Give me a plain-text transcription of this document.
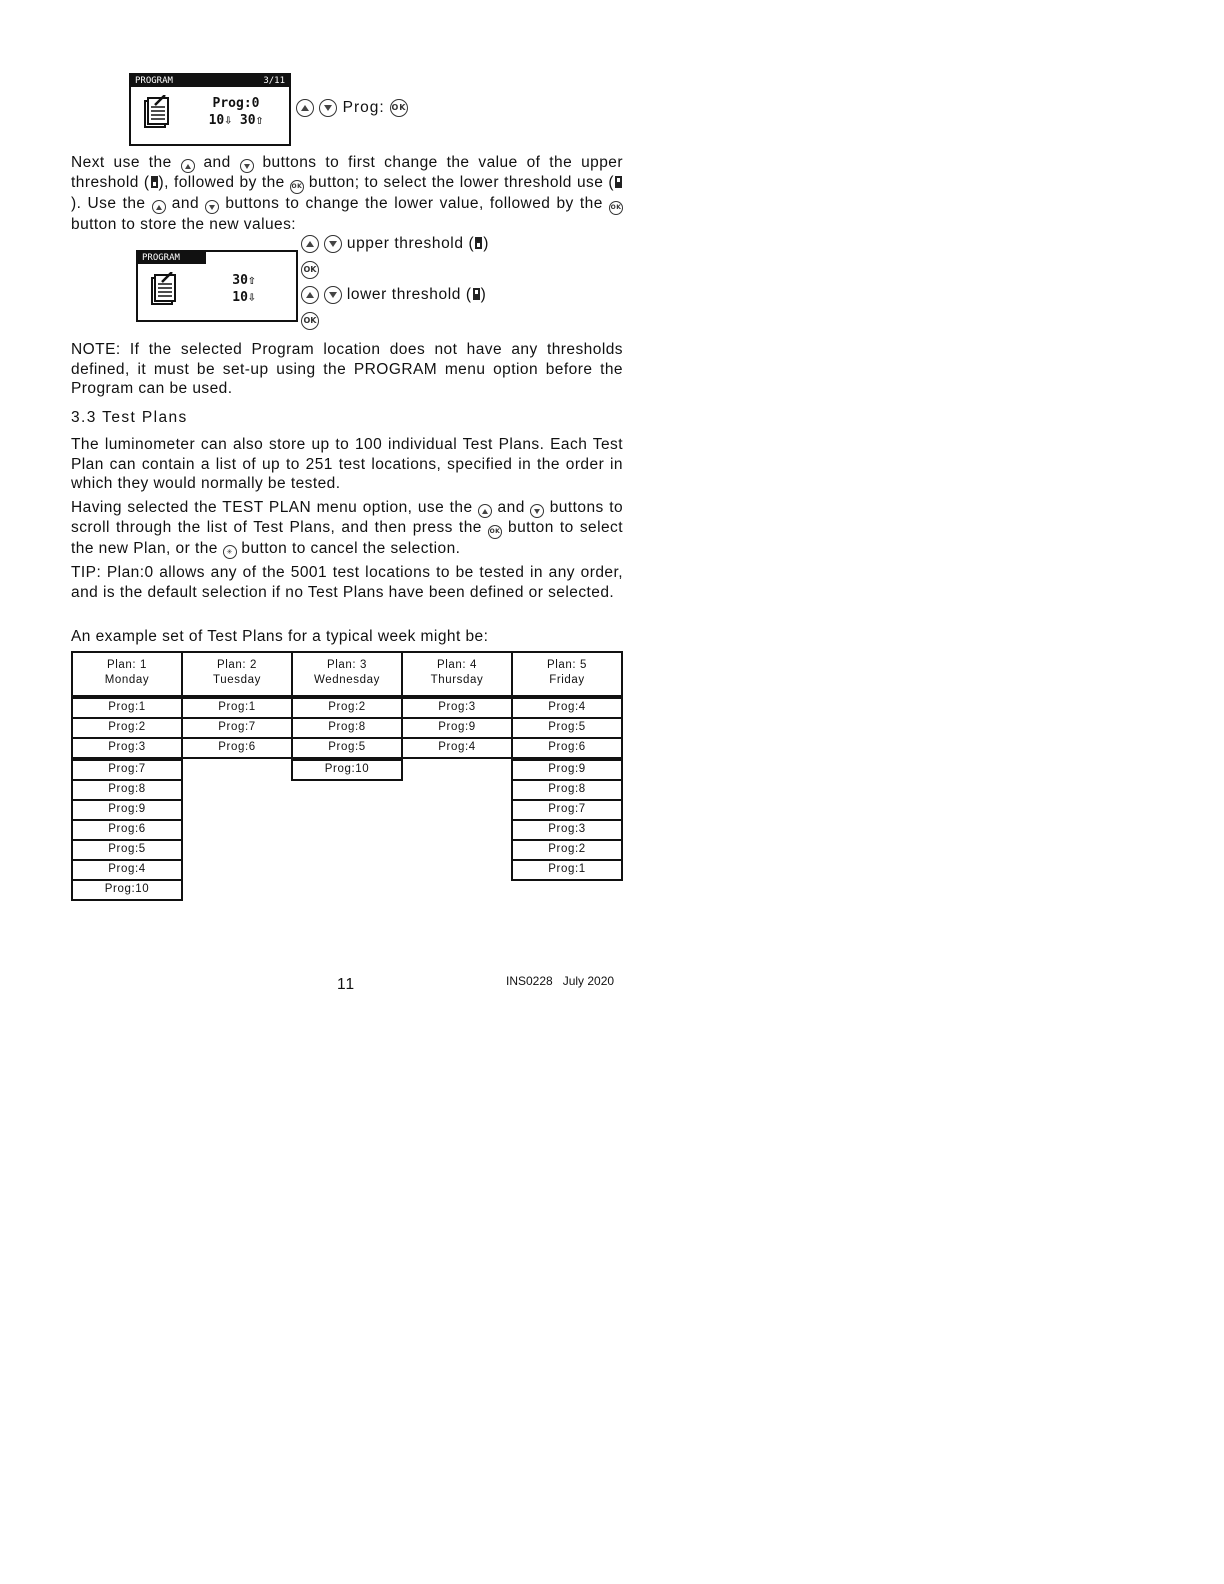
PROGRAM	3/11
Prog:0
10⇩ 30⇧
Prog: OK

Next use the and buttons to first change the value of the upper threshold ( ), followed by the OK button; to select the lower threshold use (). Use the and buttons to change the lower value, followed by the OK button to store the new values:

PROGRAM
30⇧
10⇩
upper threshold ( )
OK
lower threshold ( )
OK

NOTE: If the selected Program location does not have any thresholds defined, it must be set-up using the PROGRAM menu option before the Program can be used.

3.3 Test Plans

The luminometer can also store up to 100 individual Test Plans. Each Test Plan can contain a list of up to 251 test locations, specified in the order in which they would normally be tested.

Having selected the TEST PLAN menu option, use the and buttons to scroll through the list of Test Plans, and then press the OK button to select the new Plan, or the ✳ button to cancel the selection.

TIP: Plan:0 allows any of the 5001 test locations to be tested in any order, and is the default selection if no Test Plans have been defined or selected.

An example set of Test Plans for a typical week might be:

Plan: 1
Monday
Prog:1
Prog:2
Prog:3
Prog:7
Prog:8
Prog:9
Prog:6
Prog:5
Prog:4
Prog:10
Plan: 2
Tuesday
Prog:1
Prog:7
Prog:6
Plan: 3
Wednesday
Prog:2
Prog:8
Prog:5
Prog:10
Plan: 4
Thursday
Prog:3
Prog:9
Prog:4
Plan: 5
Friday
Prog:4
Prog:5
Prog:6
Prog:9
Prog:8
Prog:7
Prog:3
Prog:2
Prog:1
11	INS0228   July 2020
